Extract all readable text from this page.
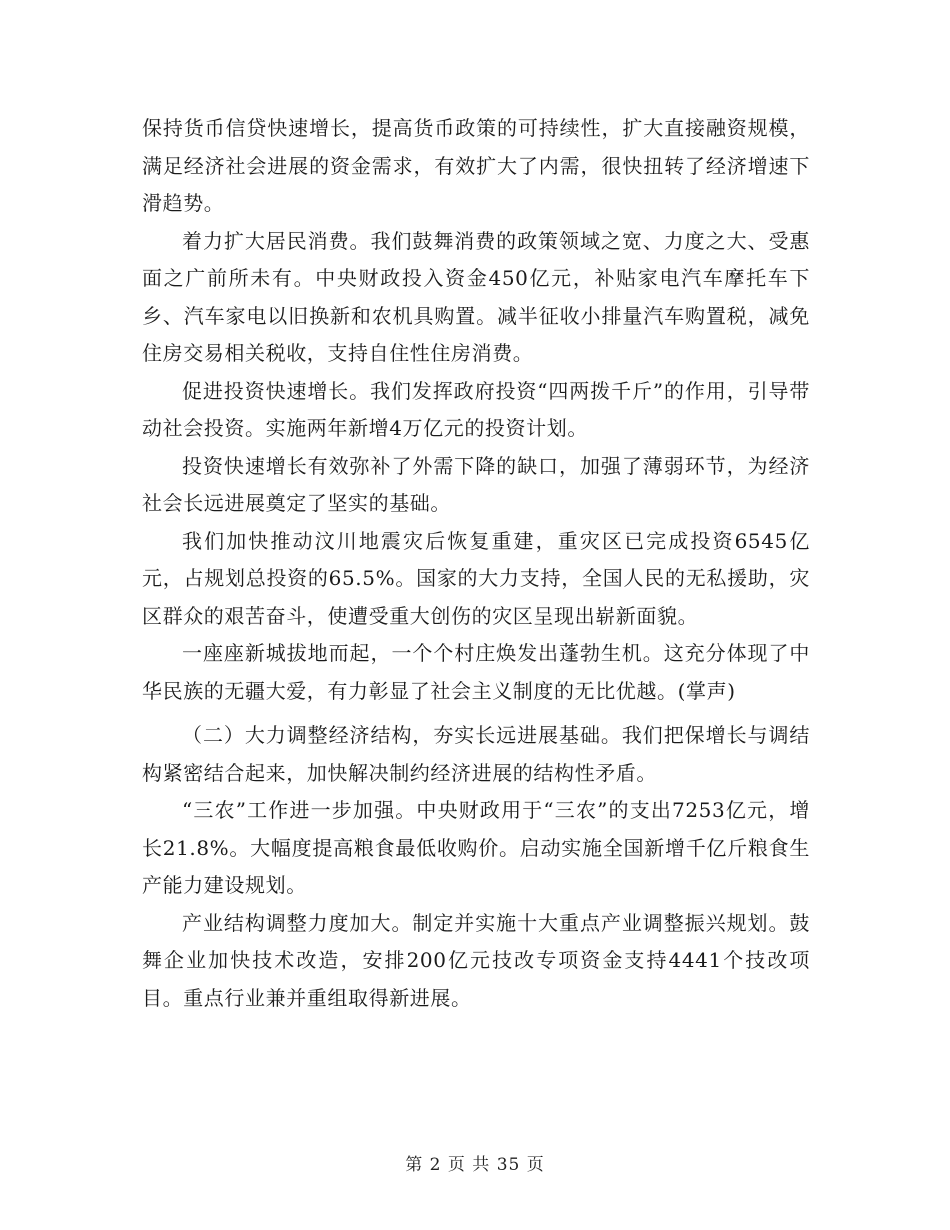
保持货币信贷快速增长，提高货币政策的可持续性，扩大直接融资规模，满足经济社会进展的资金需求，有效扩大了内需，很快扭转了经济增速下滑趋势。

着力扩大居民消费。我们鼓舞消费的政策领域之宽、力度之大、受惠面之广前所未有。中央财政投入资金450亿元，补贴家电汽车摩托车下乡、汽车家电以旧换新和农机具购置。减半征收小排量汽车购置税，减免住房交易相关税收，支持自住性住房消费。

促进投资快速增长。我们发挥政府投资“四两拨千斤”的作用，引导带动社会投资。实施两年新增4万亿元的投资计划。

投资快速增长有效弥补了外需下降的缺口，加强了薄弱环节，为经济社会长远进展奠定了坚实的基础。

我们加快推动汶川地震灾后恢复重建，重灾区已完成投资6545亿元，占规划总投资的65.5%。国家的大力支持，全国人民的无私援助，灾区群众的艰苦奋斗，使遭受重大创伤的灾区呈现出崭新面貌。

一座座新城拔地而起，一个个村庄焕发出蓬勃生机。这充分体现了中华民族的无疆大爱，有力彰显了社会主义制度的无比优越。(掌声)

（二）大力调整经济结构，夯实长远进展基础。我们把保增长与调结构紧密结合起来，加快解决制约经济进展的结构性矛盾。

“三农”工作进一步加强。中央财政用于“三农”的支出7253亿元，增长21.8%。大幅度提高粮食最低收购价。启动实施全国新增千亿斤粮食生产能力建设规划。

产业结构调整力度加大。制定并实施十大重点产业调整振兴规划。鼓舞企业加快技术改造，安排200亿元技改专项资金支持4441个技改项目。重点行业兼并重组取得新进展。

第 2 页 共 35 页
